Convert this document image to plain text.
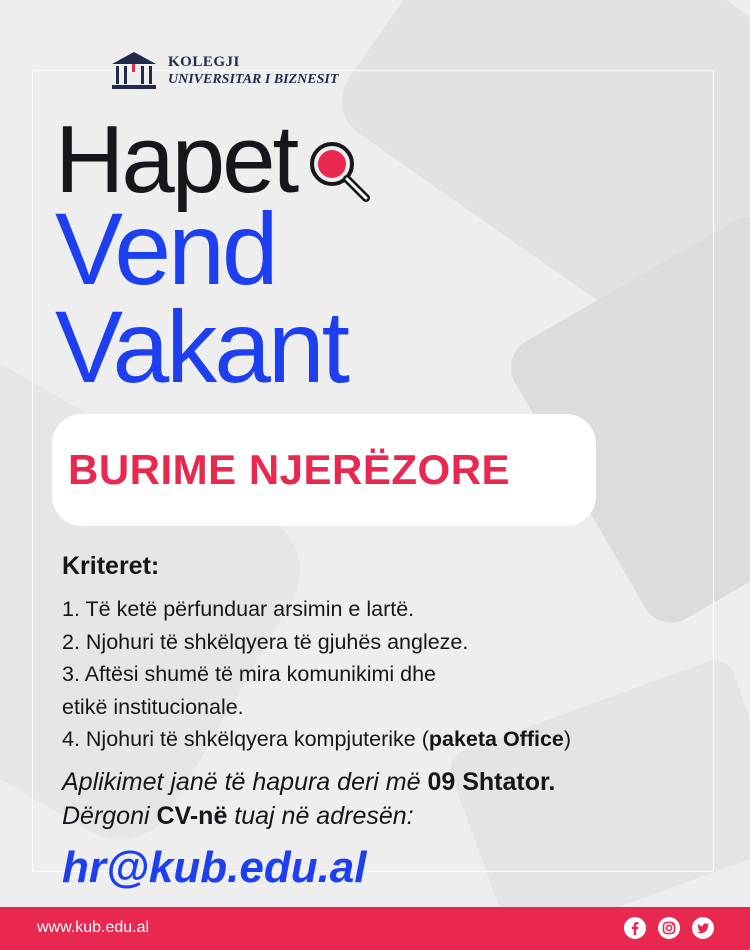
KOLEGJI
UNIVERSITAR I BIZNESIT
Hapet
Vend
Vakant
BURIME NJERËZORE
Kriteret:
1. Të ketë përfunduar arsimin e lartë.
2. Njohuri të shkëlqyera të gjuhës angleze.
3. Aftësi shumë të mira komunikimi dhe
etikë institucionale.
4. Njohuri të shkëlqyera kompjuterike (paketa Office)
Aplikimet janë të hapura deri më 09 Shtator.
Dërgoni CV-në tuaj në adresën:
hr@kub.edu.al
www.kub.edu.al
